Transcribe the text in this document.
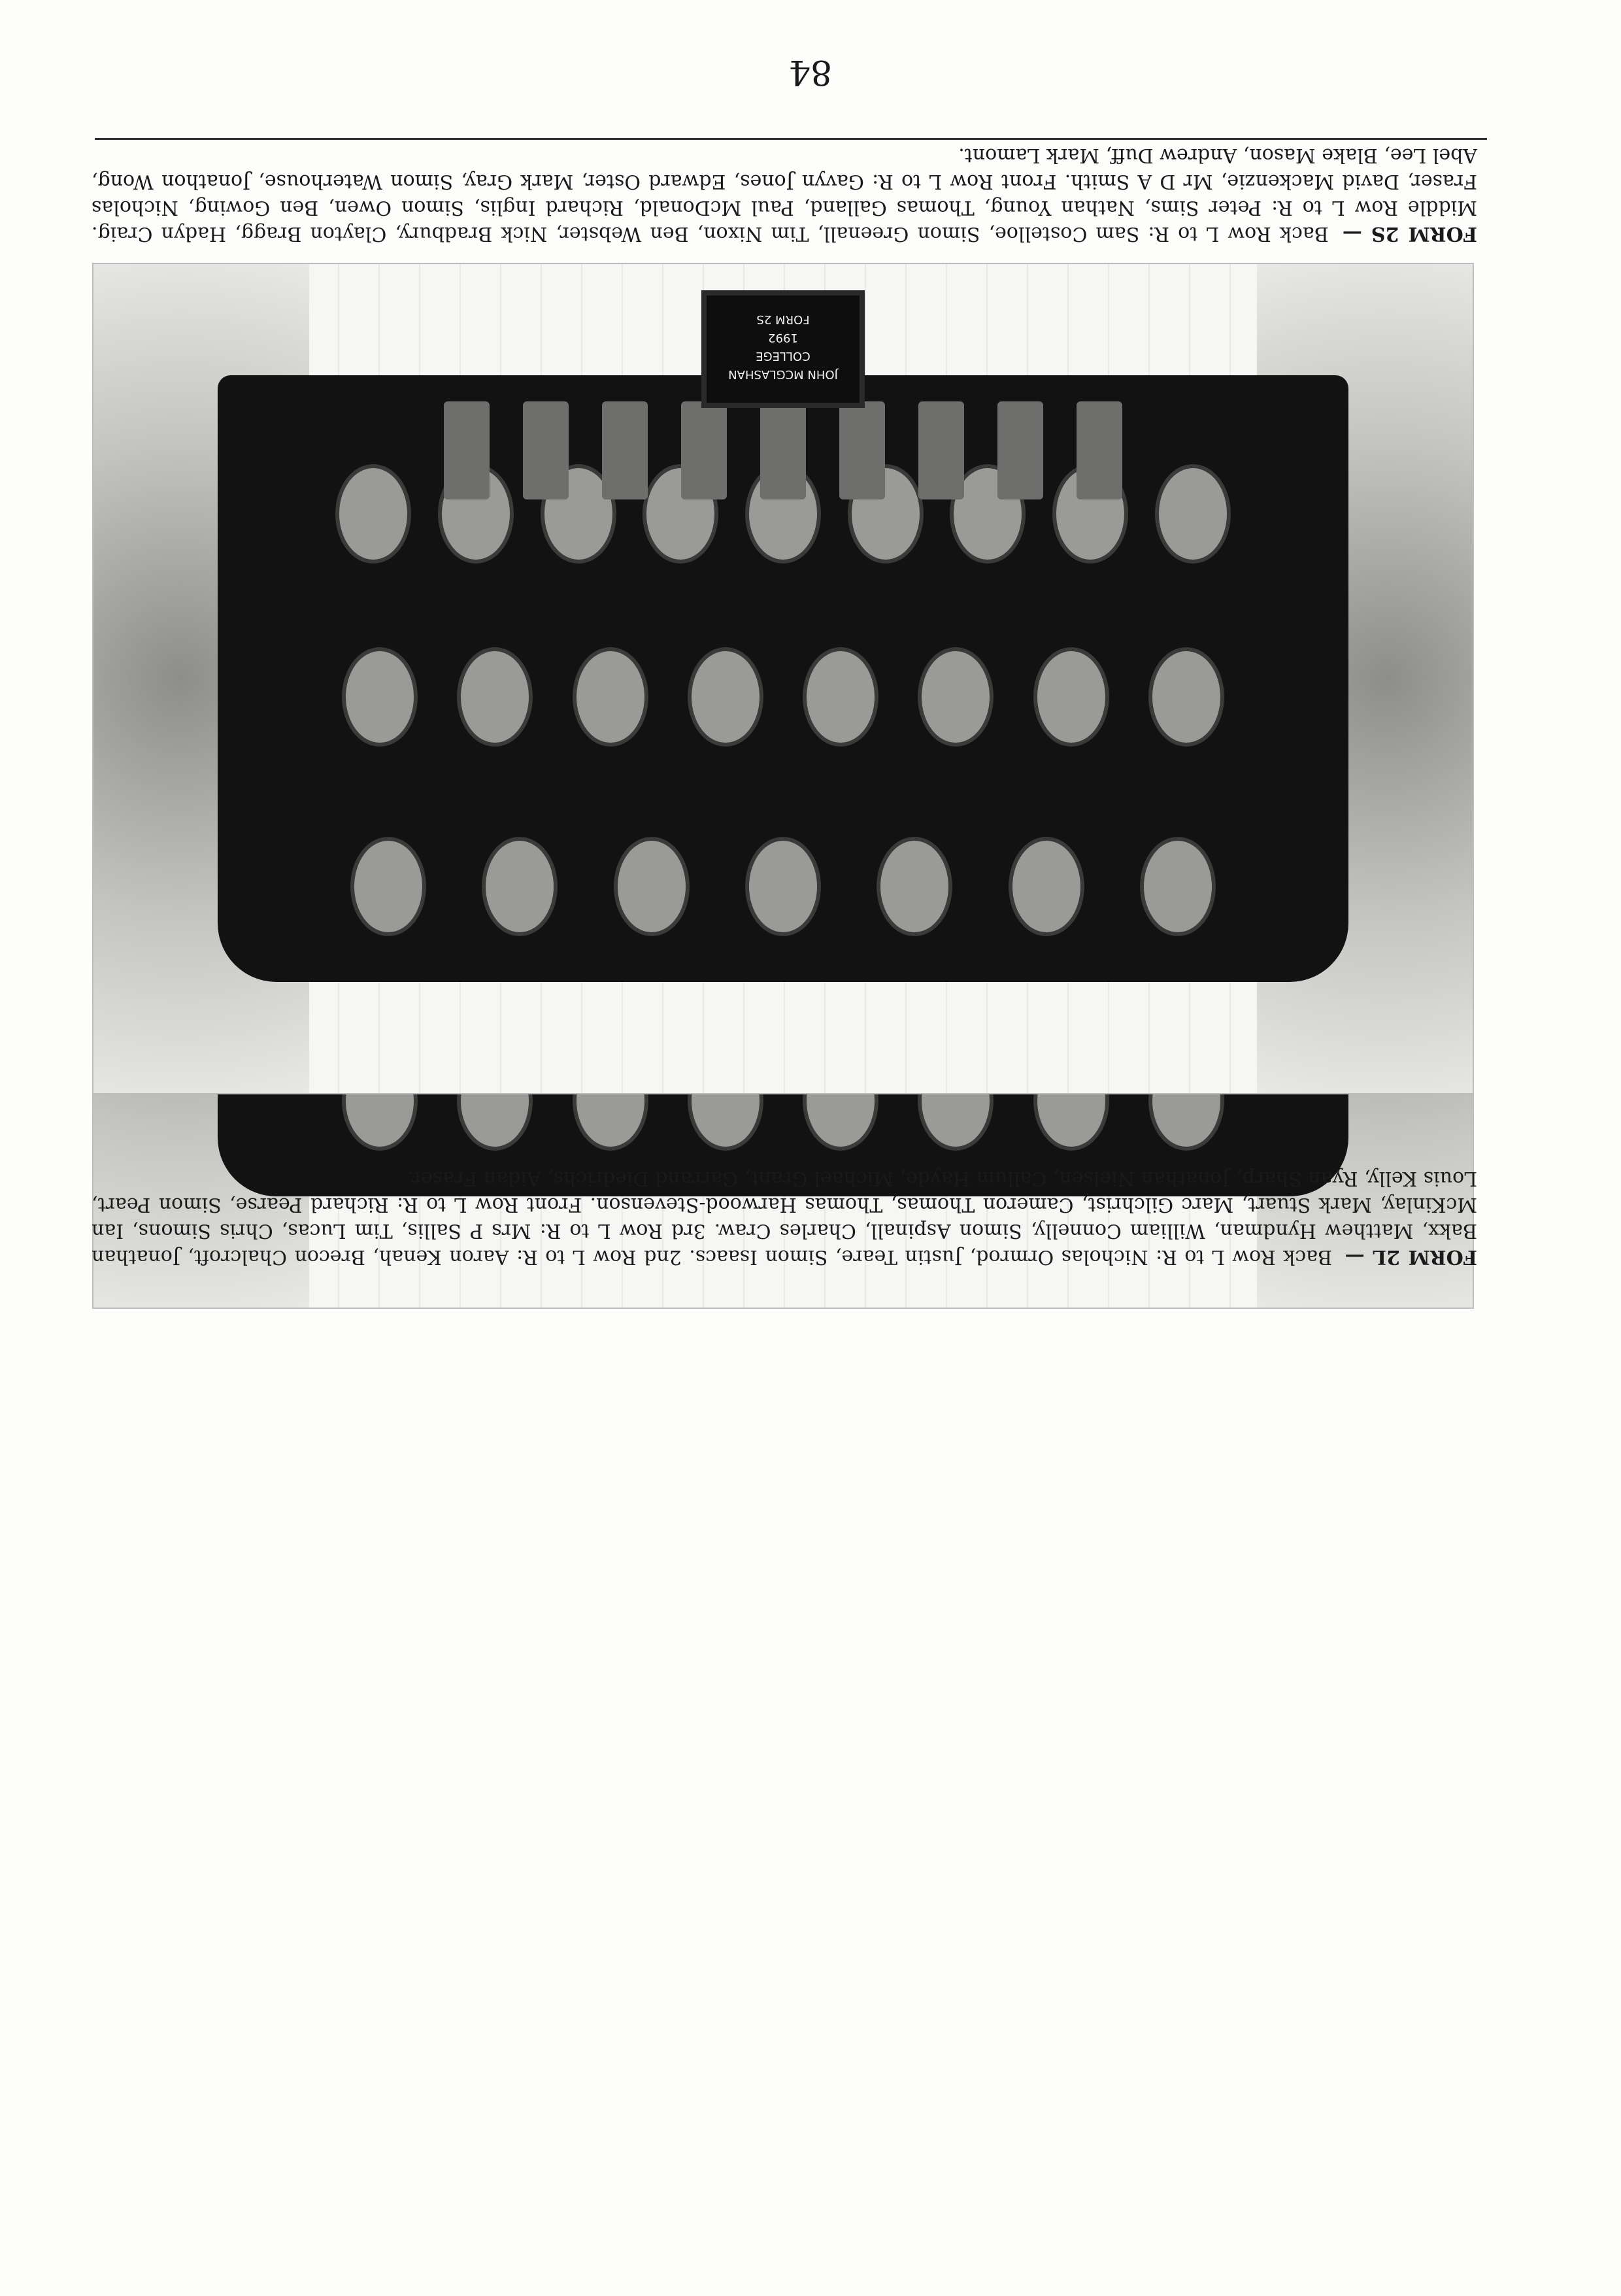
FORM 2L — Back Row L to R: Nicholas Ormrod, Justin Teare, Simon Isaacs. 2nd Row L to R: Aaron Kenah, Brecon Chalcroft, Jonathan Bakx, Matthew Hyndman, William Connelly, Simon Aspinall, Charles Craw. 3rd Row L to R: Mrs P Sallis, Tim Lucas, Chris Simons, Ian McKinlay, Mark Stuart, Marc Gilchrist, Cameron Thomas, Thomas Harwood-Stevenson. Front Row L to R: Richard Pearse, Simon Peart, Louis Kelly, Ryan Sharp, Jonathan Nielsen, Callum Hayde, Michael Grant, Garrand Diedrichs, Aidan Fraser.
JOHN MCGLASHAN
COLLEGE
1992
FORM 2S
FORM 2S — Back Row L to R: Sam Costelloe, Simon Greenall, Tim Nixon, Ben Webster, Nick Bradbury, Clayton Bragg, Hadyn Craig. Middle Row L to R: Peter Sims, Nathan Young, Thomas Galland, Paul McDonald, Richard Inglis, Simon Owen, Ben Gowing, Nicholas Fraser, David Mackenzie, Mr D A Smith. Front Row L to R: Gavyn Jones, Edward Oster, Mark Gray, Simon Waterhouse, Jonathon Wong, Abel Lee, Blake Mason, Andrew Duff, Mark Lamont.
84
